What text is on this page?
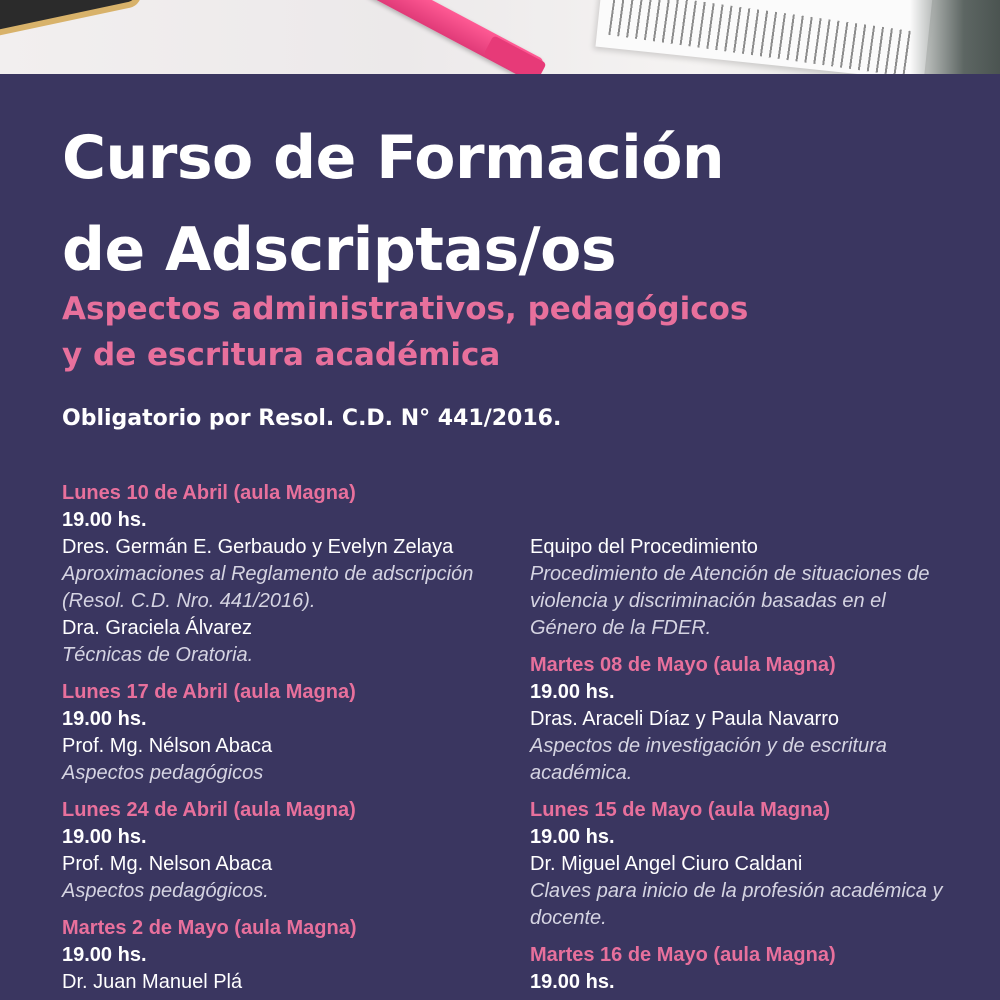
Curso de Formación
de Adscriptas/os
Aspectos administrativos, pedagógicos
y de escritura académica
Obligatorio por Resol. C.D. N° 441/2016.
Lunes 10 de Abril (aula Magna)
19.00 hs.
Dres. Germán E. Gerbaudo y Evelyn Zelaya
Aproximaciones al Reglamento de adscripción (Resol. C.D. Nro. 441/2016).
Dra. Graciela Álvarez
Técnicas de Oratoria.
Lunes 17 de Abril (aula Magna)
19.00 hs.
Prof. Mg. Nélson Abaca
Aspectos pedagógicos
Lunes 24 de Abril (aula Magna)
19.00 hs.
Prof. Mg. Nelson Abaca
Aspectos pedagógicos.
Martes 2 de Mayo (aula Magna)
19.00 hs.
Dr. Juan Manuel Plá
Equipo del Procedimiento
Procedimiento de Atención de situaciones de violencia y discriminación basadas en el Género de la FDER.
Martes 08 de Mayo (aula Magna)
19.00 hs.
Dras. Araceli Díaz y Paula Navarro
Aspectos de investigación y de escritura académica.
Lunes 15 de Mayo (aula Magna)
19.00 hs.
Dr. Miguel Angel Ciuro Caldani
Claves para inicio de la profesión académica y docente.
Martes 16 de Mayo (aula Magna)
19.00 hs.
